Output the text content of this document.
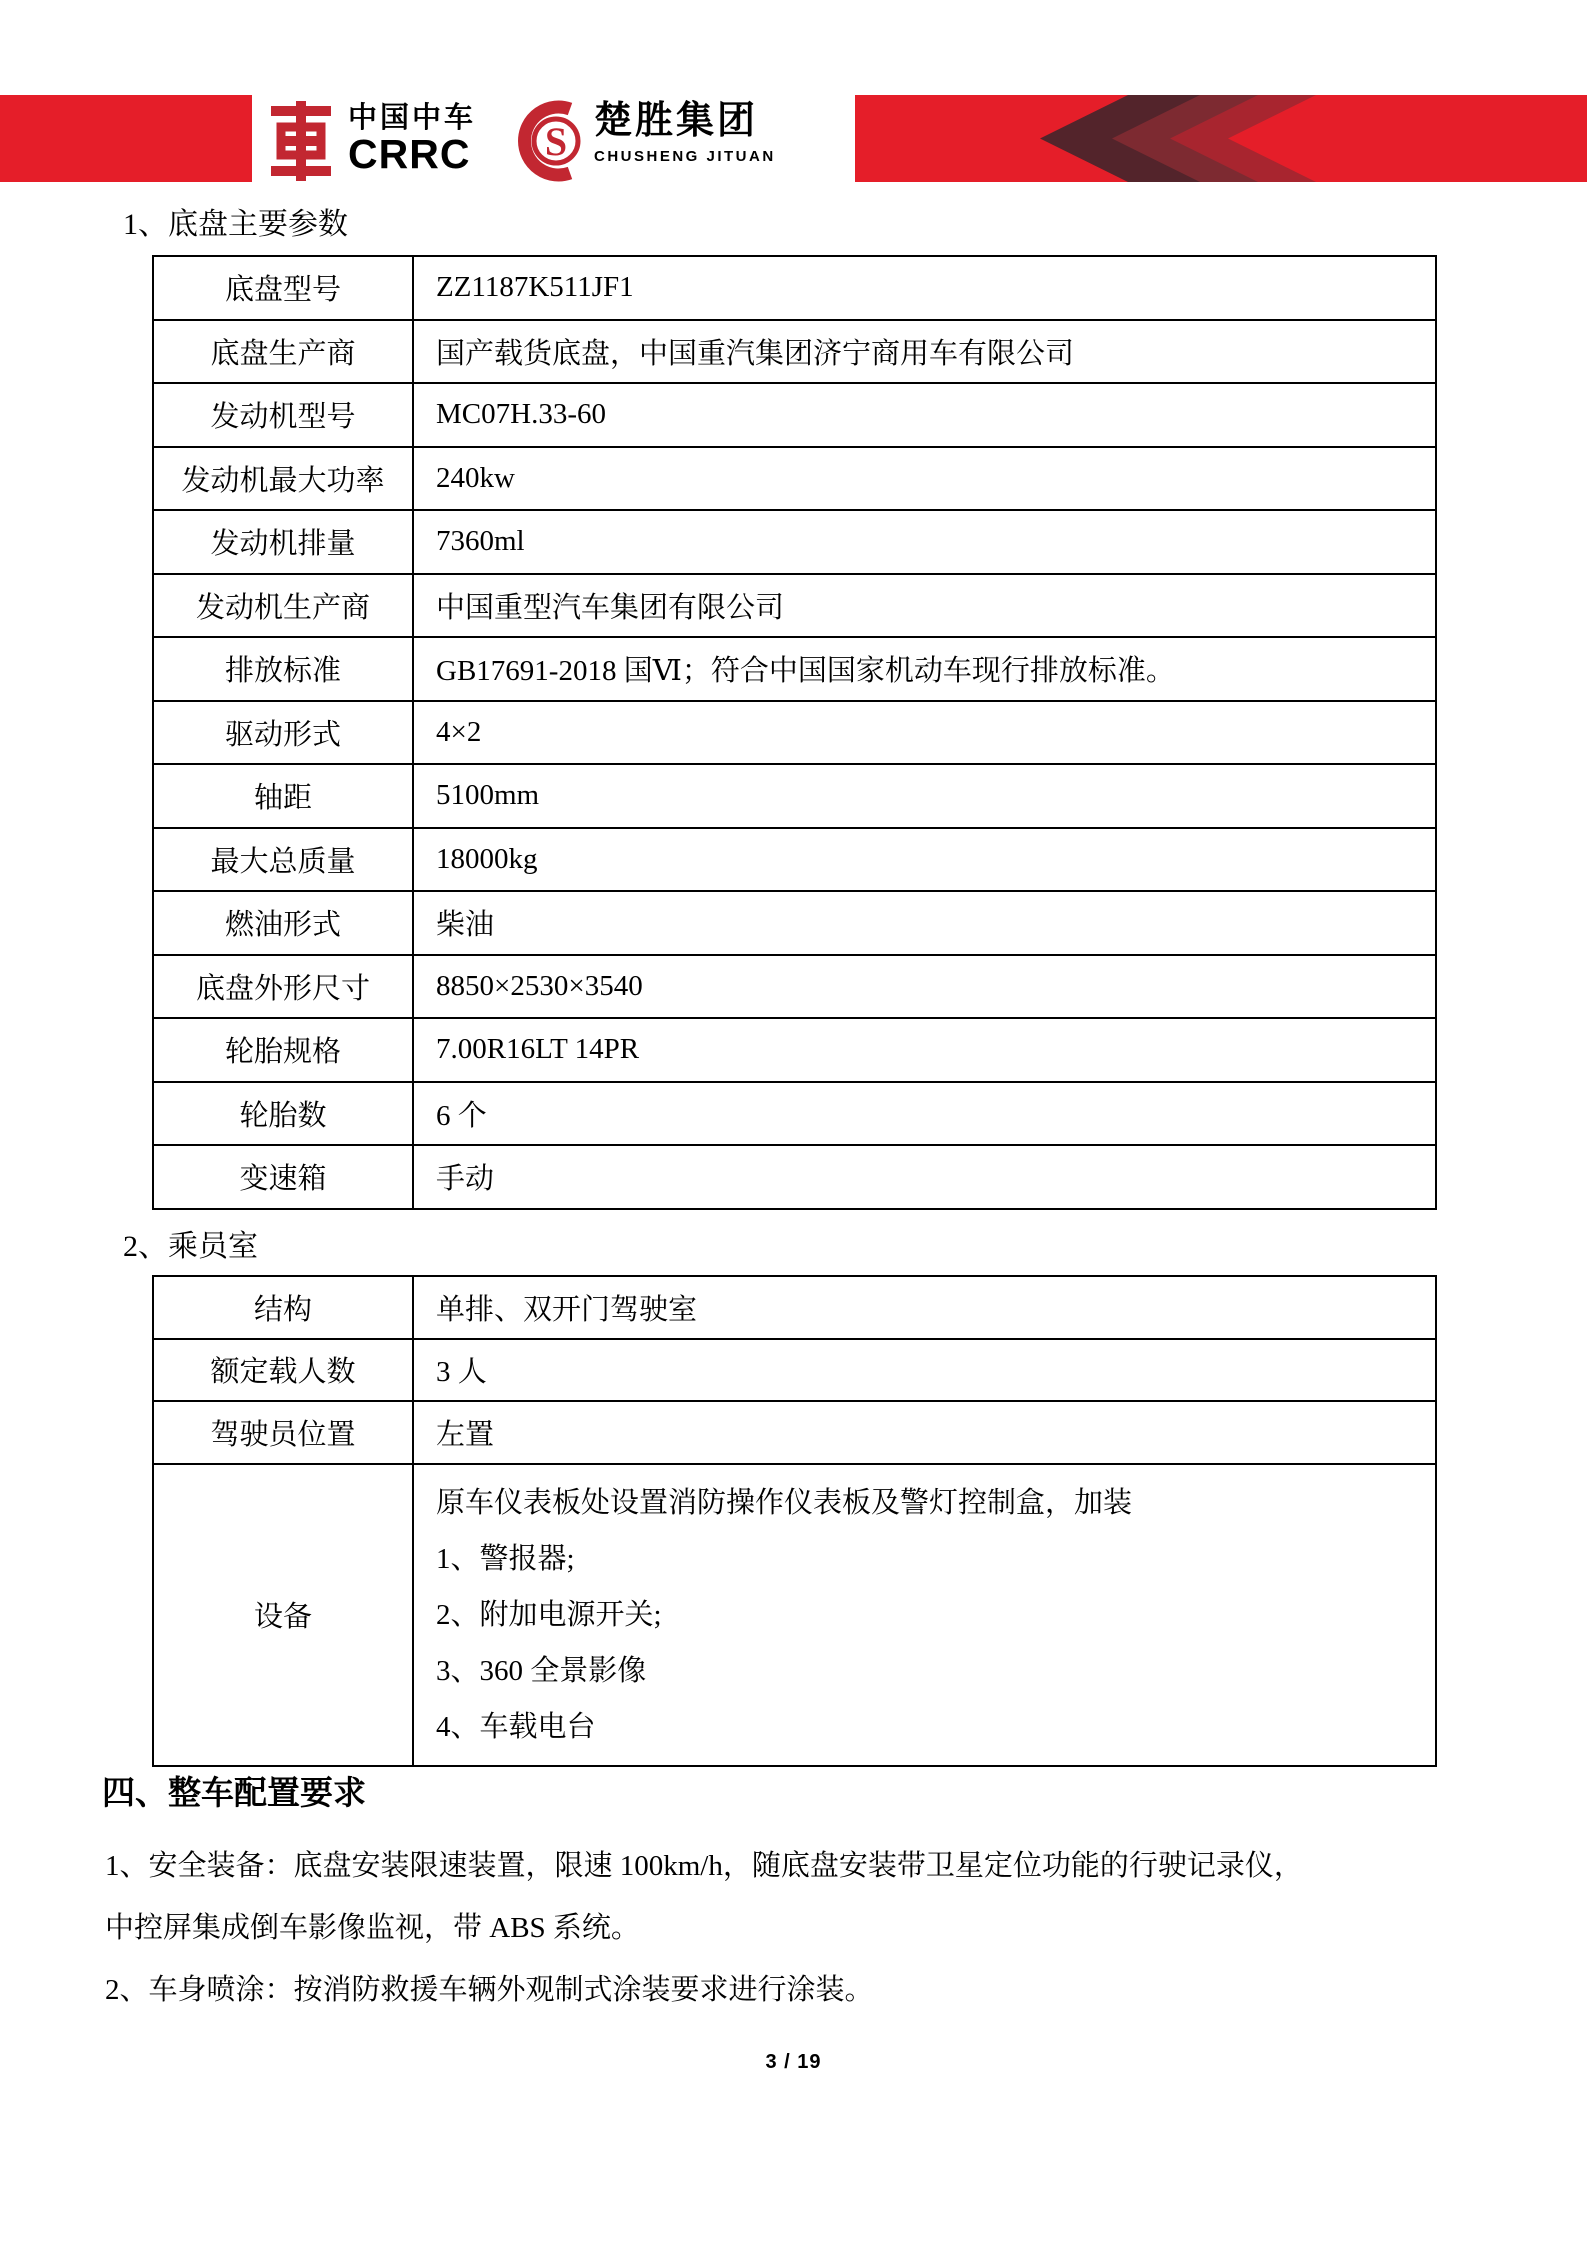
中国中车
CRRC S 楚胜集团
CHUSHENG JITUAN
1、底盘主要参数
底盘型号	ZZ1187K511JF1
底盘生产商	国产载货底盘，中国重汽集团济宁商用车有限公司
发动机型号	MC07H.33-60
发动机最大功率	240kw
发动机排量	7360ml
发动机生产商	中国重型汽车集团有限公司
排放标准	GB17691-2018 国Ⅵ；符合中国国家机动车现行排放标准。
驱动形式	4×2
轴距	5100mm
最大总质量	18000kg
燃油形式	柴油
底盘外形尺寸	8850×2530×3540
轮胎规格	7.00R16LT 14PR
轮胎数	6 个
变速箱	手动
2、乘员室
结构	单排、双开门驾驶室
额定载人数	3 人
驾驶员位置	左置
设备	原车仪表板处设置消防操作仪表板及警灯控制盒，加装
1、警报器;
2、附加电源开关;
3、360 全景影像
4、车载电台
四、整车配置要求
1、安全装备：底盘安装限速装置，限速 100km/h，随底盘安装带卫星定位功能的行驶记录仪，
中控屏集成倒车影像监视，带 ABS 系统。
2、车身喷涂：按消防救援车辆外观制式涂装要求进行涂装。
3 / 19
